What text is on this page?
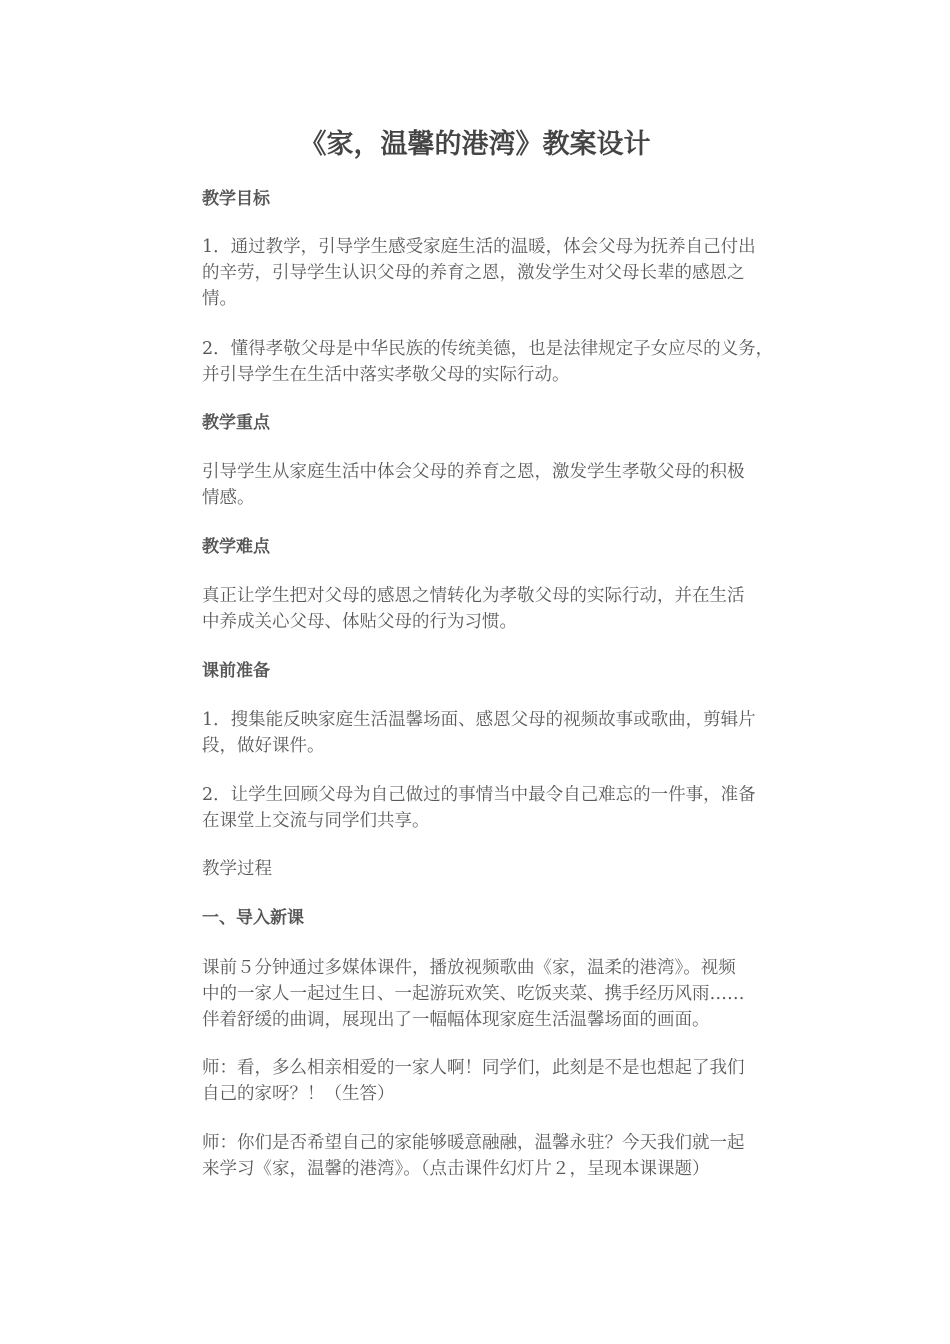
《家，温馨的港湾》教案设计
教学目标
1．通过教学，引导学生感受家庭生活的温暖，体会父母为抚养自己付出
的辛劳，引导学生认识父母的养育之恩，激发学生对父母长辈的感恩之
情。
2．懂得孝敬父母是中华民族的传统美德，也是法律规定子女应尽的义务，
并引导学生在生活中落实孝敬父母的实际行动。
教学重点
引导学生从家庭生活中体会父母的养育之恩，激发学生孝敬父母的积极
情感。
教学难点
真正让学生把对父母的感恩之情转化为孝敬父母的实际行动，并在生活
中养成关心父母、体贴父母的行为习惯。
课前准备
1．搜集能反映家庭生活温馨场面、感恩父母的视频故事或歌曲，剪辑片
段，做好课件。
2．让学生回顾父母为自己做过的事情当中最令自己难忘的一件事，准备
在课堂上交流与同学们共享。
教学过程
一、导入新课
课前５分钟通过多媒体课件，播放视频歌曲《家，温柔的港湾》。视频
中的一家人一起过生日、一起游玩欢笑、吃饭夹菜、携手经历风雨……
伴着舒缓的曲调，展现出了一幅幅体现家庭生活温馨场面的画面。
师：看，多么相亲相爱的一家人啊！同学们，此刻是不是也想起了我们
自己的家呀？！（生答）
师：你们是否希望自己的家能够暖意融融，温馨永驻？今天我们就一起
来学习《家，温馨的港湾》。（点击课件幻灯片２，呈现本课课题）
